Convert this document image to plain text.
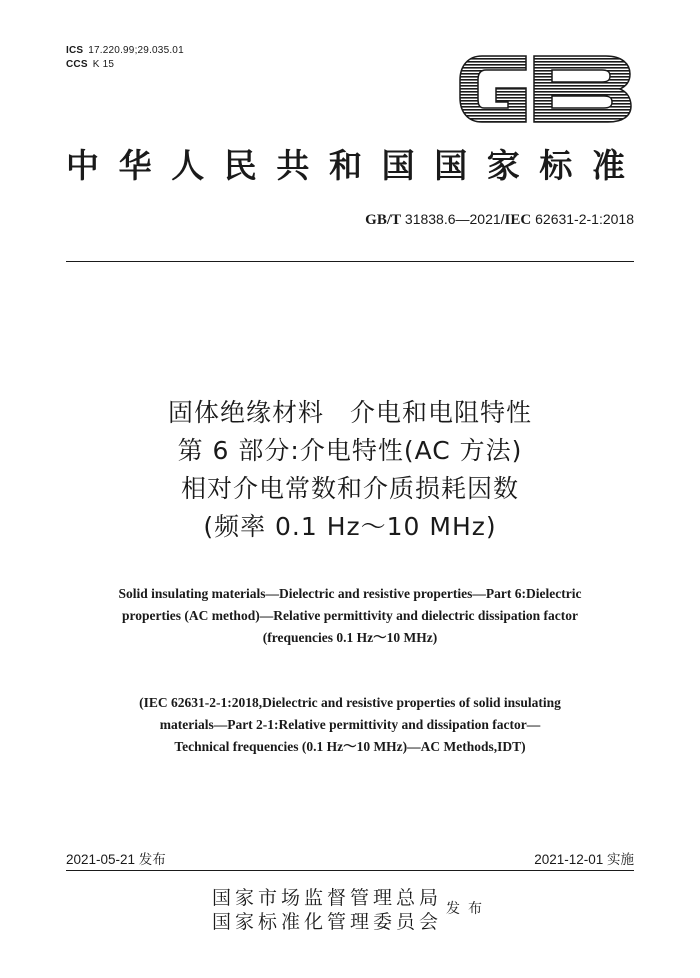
ICS 17.220.99;29.035.01
CCS K 15
中华人民共和国国家标准
GB/T 31838.6—2021/IEC 62631-2-1:2018
固体绝缘材料　介电和电阻特性
第 6 部分:介电特性(AC 方法)
相对介电常数和介质损耗因数
(频率 0.1 Hz～10 MHz)
Solid insulating materials—Dielectric and resistive properties—Part 6:Dielectric
properties (AC method)—Relative permittivity and dielectric dissipation factor
(frequencies 0.1 Hz～10 MHz)
(IEC 62631-2-1:2018,Dielectric and resistive properties of solid insulating
materials—Part 2-1:Relative permittivity and dissipation factor—
Technical frequencies (0.1 Hz～10 MHz)—AC Methods,IDT)
2021-05-21 发布	2021-12-01 实施
国家市场监督管理总局
国家标准化管理委员会
发布
